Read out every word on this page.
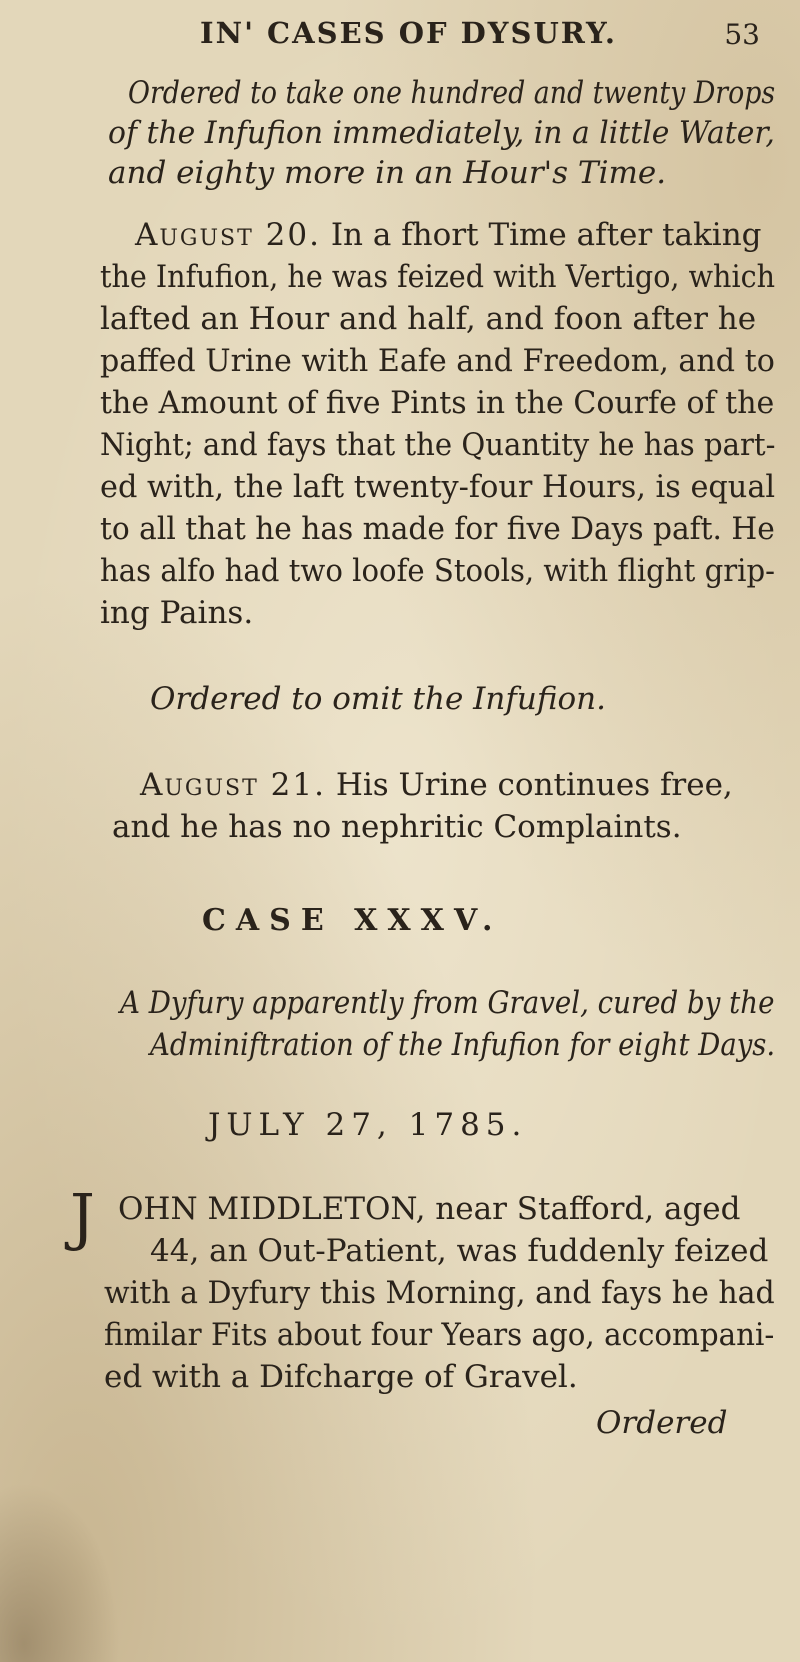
IN' CASES OF DYSURY.	53
Ordered to take one hundred and twenty Drops
of the Infufion immediately, in a little Water,
and eighty more in an Hour's Time.
August 20. In a fhort Time after taking
the Infufion, he was feized with Vertigo, which
lafted an Hour and half, and foon after he
paffed Urine with Eafe and Freedom, and to
the Amount of five Pints in the Courfe of the
Night; and fays that the Quantity he has part-
ed with, the laft twenty-four Hours, is equal
to all that he has made for five Days paft. He
has alfo had two loofe Stools, with flight grip-
ing Pains.
Ordered to omit the Infufion.
August 21. His Urine continues free,
and he has no nephritic Complaints.
CASE XXXV.
A Dyfury apparently from Gravel, cured by the
Adminiftration of the Infufion for eight Days.
JULY 27, 1785.
J OHN MIDDLETON, near Stafford, aged
44, an Out-Patient, was fuddenly feized
with a Dyfury this Morning, and fays he had
fimilar Fits about four Years ago, accompani-
ed with a Difcharge of Gravel.
Ordered
